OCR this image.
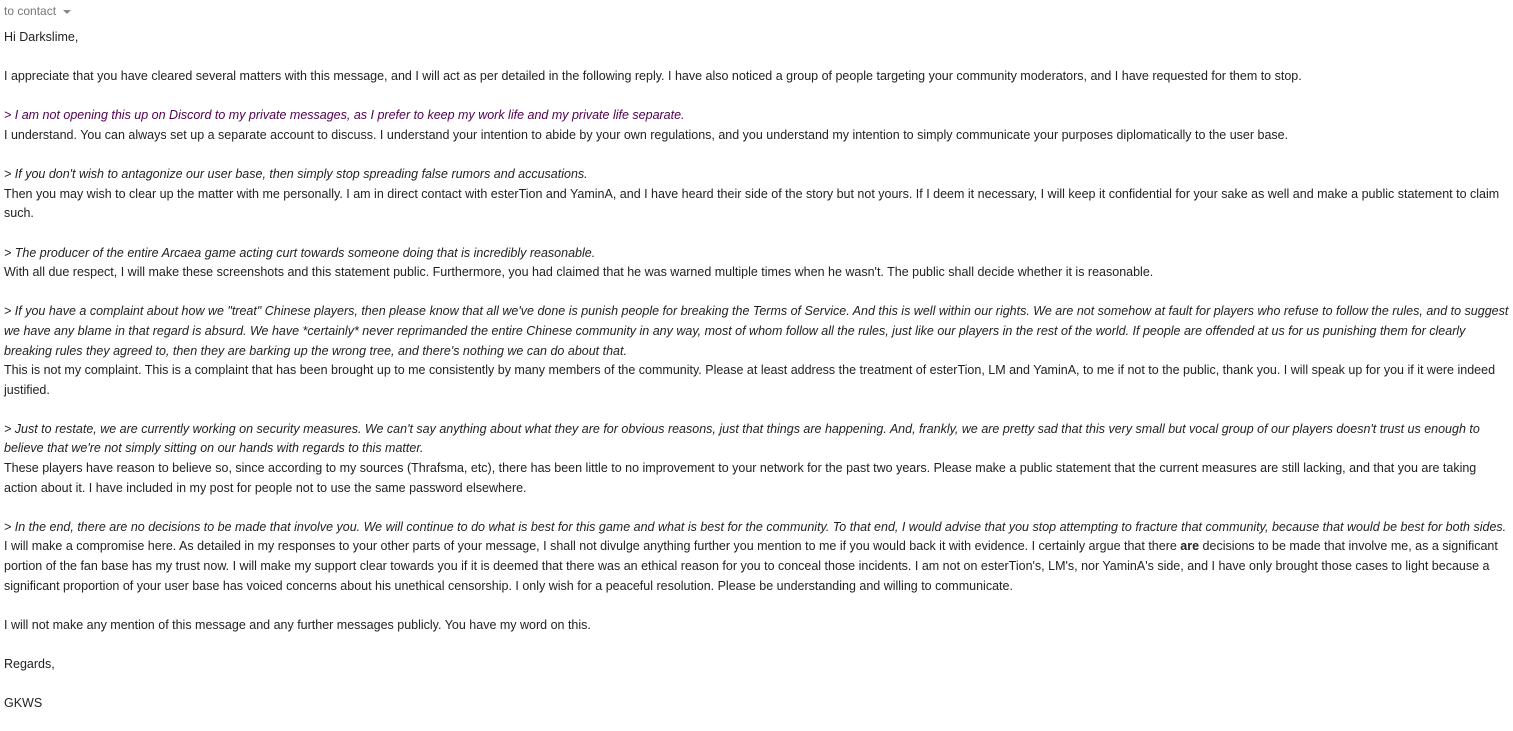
to contact

Hi Darkslime,

I appreciate that you have cleared several matters with this message, and I will act as per detailed in the following reply. I have also noticed a group of people targeting your community moderators, and I have requested for them to stop.

> I am not opening this up on Discord to my private messages, as I prefer to keep my work life and my private life separate.

I understand. You can always set up a separate account to discuss. I understand your intention to abide by your own regulations, and you understand my intention to simply communicate your purposes diplomatically to the user base.

> If you don't wish to antagonize our user base, then simply stop spreading false rumors and accusations.

Then you may wish to clear up the matter with me personally. I am in direct contact with esterTion and YaminA, and I have heard their side of the story but not yours. If I deem it necessary, I will keep it confidential for your sake as well and make a public statement to claim such.

> The producer of the entire Arcaea game acting curt towards someone doing that is incredibly reasonable.

With all due respect, I will make these screenshots and this statement public. Furthermore, you had claimed that he was warned multiple times when he wasn't. The public shall decide whether it is reasonable.

> If you have a complaint about how we "treat" Chinese players, then please know that all we've done is punish people for breaking the Terms of Service. And this is well within our rights. We are not somehow at fault for players who refuse to follow the rules, and to suggest we have any blame in that regard is absurd. We have *certainly* never reprimanded the entire Chinese community in any way, most of whom follow all the rules, just like our players in the rest of the world. If people are offended at us for us punishing them for clearly breaking rules they agreed to, then they are barking up the wrong tree, and there's nothing we can do about that.

This is not my complaint. This is a complaint that has been brought up to me consistently by many members of the community. Please at least address the treatment of esterTion, LM and YaminA, to me if not to the public, thank you. I will speak up for you if it were indeed justified.

> Just to restate, we are currently working on security measures. We can't say anything about what they are for obvious reasons, just that things are happening. And, frankly, we are pretty sad that this very small but vocal group of our players doesn't trust us enough to believe that we're not simply sitting on our hands with regards to this matter.

These players have reason to believe so, since according to my sources (Thrafsma, etc), there has been little to no improvement to your network for the past two years. Please make a public statement that the current measures are still lacking, and that you are taking action about it. I have included in my post for people not to use the same password elsewhere.

> In the end, there are no decisions to be made that involve you. We will continue to do what is best for this game and what is best for the community. To that end, I would advise that you stop attempting to fracture that community, because that would be best for both sides.

I will make a compromise here. As detailed in my responses to your other parts of your message, I shall not divulge anything further you mention to me if you would back it with evidence. I certainly argue that there are decisions to be made that involve me, as a significant portion of the fan base has my trust now. I will make my support clear towards you if it is deemed that there was an ethical reason for you to conceal those incidents. I am not on esterTion's, LM's, nor YaminA's side, and I have only brought those cases to light because a significant proportion of your user base has voiced concerns about his unethical censorship. I only wish for a peaceful resolution. Please be understanding and willing to communicate.

I will not make any mention of this message and any further messages publicly. You have my word on this.

Regards,

GKWS
